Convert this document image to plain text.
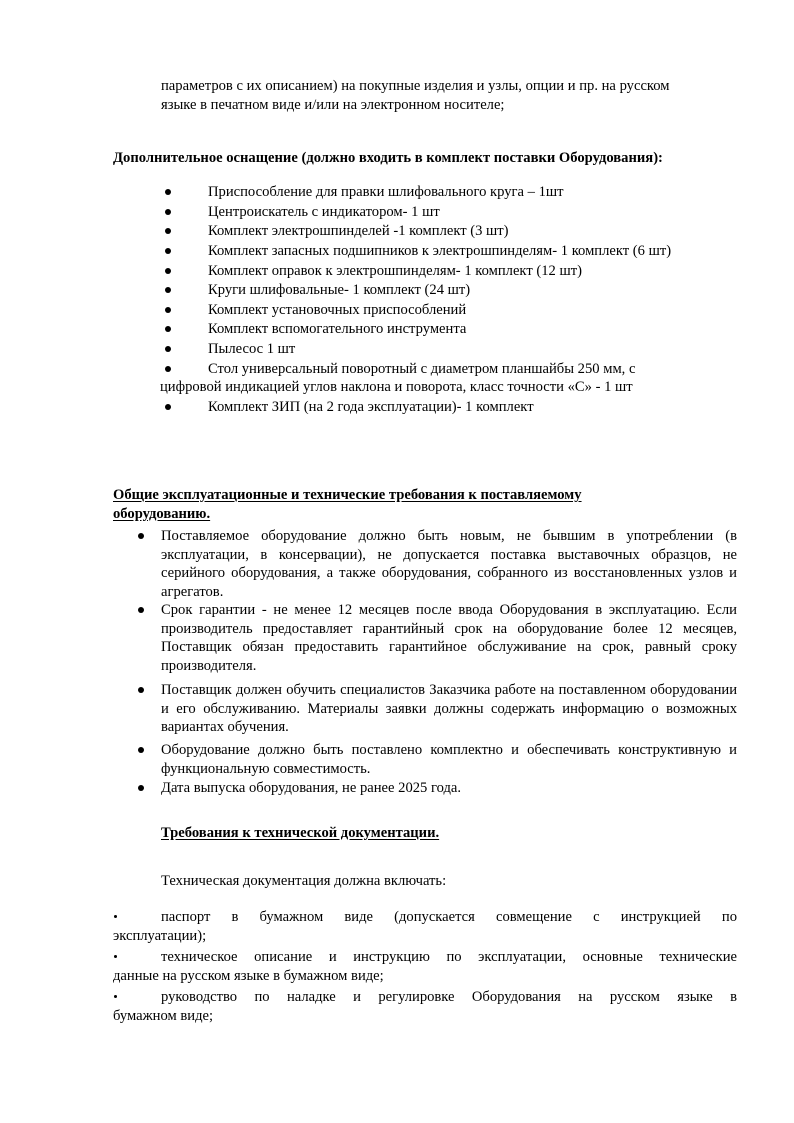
параметров с их описанием) на покупные изделия и узлы, опции и пр. на русском
языке в печатном виде и/или на электронном носителе;
Дополнительное оснащение (должно входить в комплект поставки Оборудования):
Приспособление для правки шлифовального круга – 1шт
Центроискатель с индикатором- 1 шт
Комплект электрошпинделей -1 комплект (3 шт)
Комплект запасных подшипников к электрошпинделям- 1 комплект (6 шт)
Комплект оправок к электрошпинделям- 1 комплект (12 шт)
Круги шлифовальные- 1 комплект (24 шт)
Комплект установочных приспособлений
Комплект вспомогательного инструмента
Пылесос 1 шт
Стол универсальный поворотный с диаметром планшайбы 250 мм, с
цифровой индикацией углов наклона и поворота, класс точности «С» - 1 шт
Комплект ЗИП (на 2 года эксплуатации)- 1 комплект
Общие эксплуатационные и технические требования к поставляемому
оборудованию.
Поставляемое оборудование должно быть новым, не бывшим в употреблении (в эксплуатации, в консервации), не допускается поставка выставочных образцов, не серийного оборудования, а также оборудования, собранного из восстановленных узлов и агрегатов.
Срок гарантии - не менее 12 месяцев после ввода Оборудования в эксплуатацию. Если производитель предоставляет гарантийный срок на оборудование более 12 месяцев, Поставщик обязан предоставить гарантийное обслуживание на срок, равный сроку производителя.
Поставщик должен обучить специалистов Заказчика работе на поставленном оборудовании и его обслуживанию. Материалы заявки должны содержать информацию о возможных вариантах обучения.
Оборудование должно быть поставлено комплектно и обеспечивать конструктивную и функциональную совместимость.
Дата выпуска оборудования, не ранее 2025 года.
Требования к технической документации.
Техническая документация должна включать:
паспорт в бумажном виде (допускается совмещение с инструкцией по
эксплуатации);
техническое описание и инструкцию по эксплуатации, основные технические
данные на русском языке в бумажном виде;
руководство по наладке и регулировке Оборудования на русском языке в
бумажном виде;
